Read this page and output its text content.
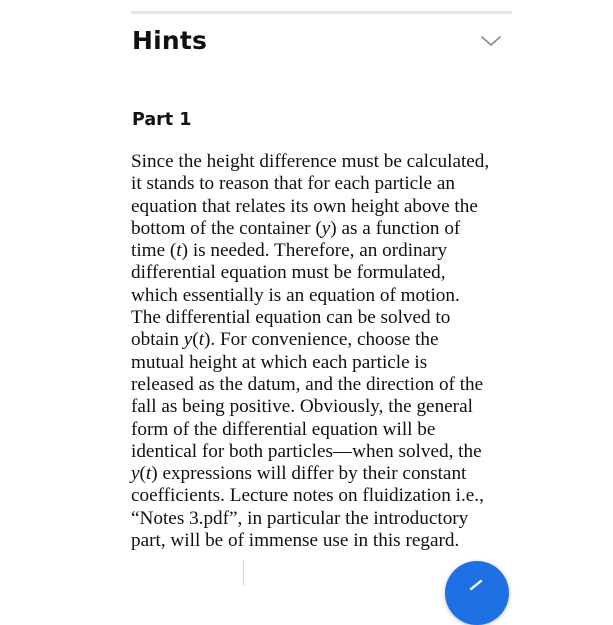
Hints
Part 1

Since the height difference must be calculated,
it stands to reason that for each particle an
equation that relates its own height above the
bottom of the container (y) as a function of
time (t) is needed. Therefore, an ordinary
differential equation must be formulated,
which essentially is an equation of motion.
The differential equation can be solved to
obtain y(t). For convenience, choose the
mutual height at which each particle is
released as the datum, and the direction of the
fall as being positive. Obviously, the general
form of the differential equation will be
identical for both particles—when solved, the
y(t) expressions will differ by their constant
coefficients. Lecture notes on fluidization i.e.,
“Notes 3.pdf”, in particular the introductory
part, will be of immense use in this regard.
